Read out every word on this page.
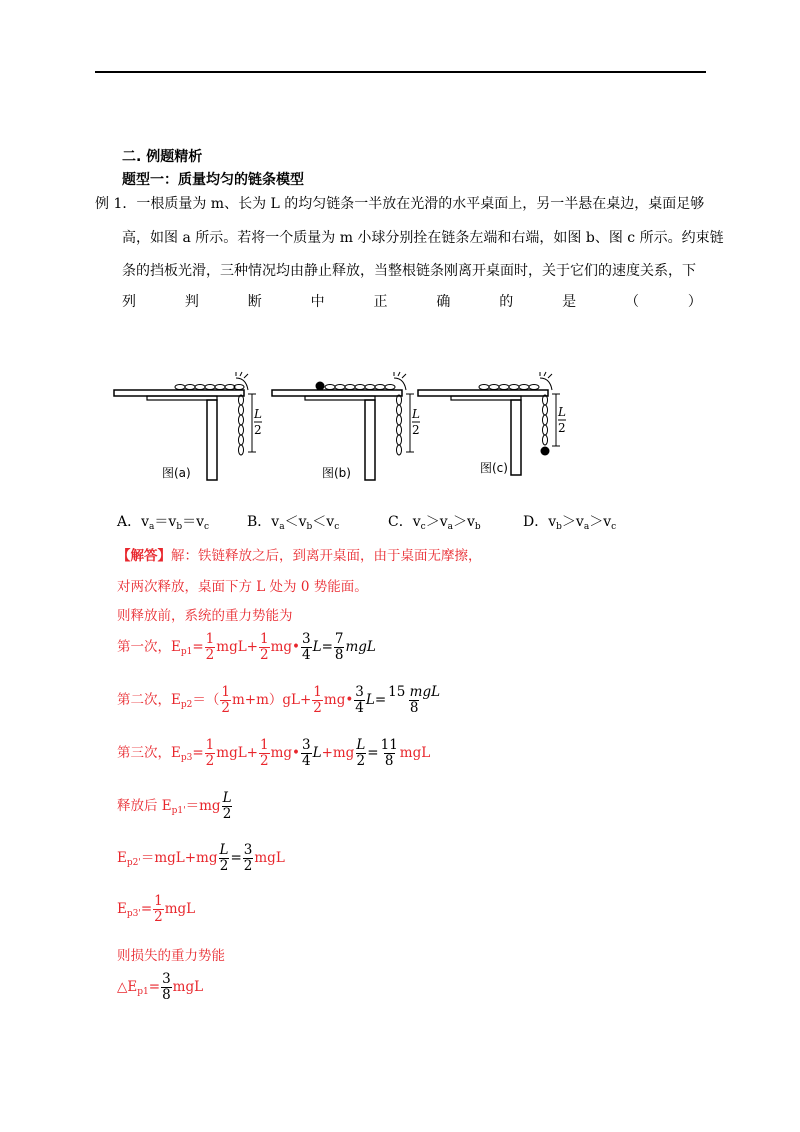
二. 例题精析
题型一：质量均匀的链条模型
例 1．一根质量为 m、长为 L 的均匀链条一半放在光滑的水平桌面上，另一半悬在桌边，桌面足够
高，如图 a 所示。若将一个质量为 m 小球分别拴在链条左端和右端，如图 b、图 c 所示。约束链
条的挡板光滑，三种情况均由静止释放，当整根链条刚离开桌面时，关于它们的速度关系，下
列	判	断	中	正	确	的	是	（	）
L
2
图(a)
L
2
图(b)
L
2
图(c)
A．$v_a=v_b=v_c$	B．$v_a<v_b<v_c$	C．$v_c>v_a>v_b$	D．$v_b>v_a>v_c$
【解答】解：铁链释放之后，到离开桌面，由于桌面无摩擦，
对两次释放，桌面下方 L 处为 0 势能面。
则释放前，系统的重力势能为
第一次，$E_{p1}= \frac{1}{2} mgL+ \frac{1}{2}$ mg• $\frac{3}{4} L= \frac{7}{8}$ mgL
第二次，$E_{p2}=( \frac{1}{2} m+m)gL+ \frac{1}{2}$ mg• $\frac{3}{4} L= \frac{\text{15 mgL}}{8}$
第三次，$E_{p3}= \frac{1}{2} mgL+ \frac{1}{2}$ mg• $\frac{3}{4} L+mg \frac{L}{2} = \frac{11}{8}$ mgL
释放后 $E_{p1'}=mg \frac{L}{2}$
$E_{p2'}=mgL+mg \frac{L}{2} = \frac{3}{2}$ mgL
$E_{p3'}= \frac{1}{2}$ mgL
则损失的重力势能
$\triangle E_{p1}= \frac{3}{8}$ mgL
